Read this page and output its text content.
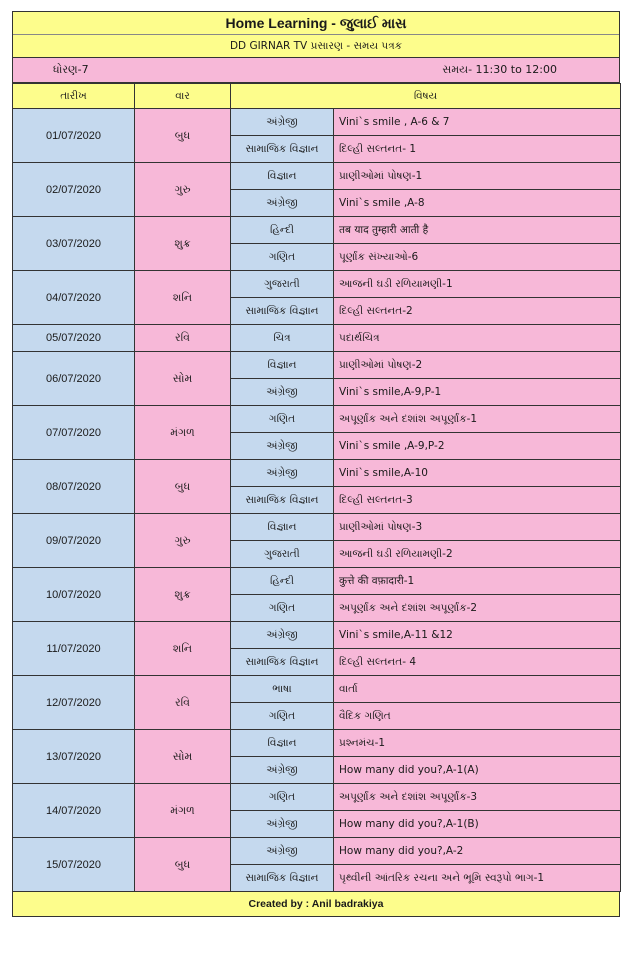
Home Learning - જુલાઈ માસ
DD GIRNAR TV પ્રસારણ - સમય પત્રક
ધોરણ-7	સમય- 11:30 to 12:00
તારીખ	વાર	વિષય	
01/07/2020	બુધ	અંગ્રેજી	Vini`s smile , A-6 & 7
		સામાજિક વિજ્ઞાન	દિલ્હી સલ્તનત- 1
02/07/2020	ગુરુ	વિજ્ઞાન	પ્રાણીઓમાં પોષણ-1
		અંગ્રેજી	Vini`s smile ,A-8
03/07/2020	શુક્ર	હિન્દી	तब याद तुम्हारी आती है
		ગણિત	પૂર્ણાંક સંખ્યાઓ-6
04/07/2020	શનિ	ગુજરાતી	આજની ઘડી રળિયામણી-1
		સામાજિક વિજ્ઞાન	દિલ્હી સલ્તનત-2
05/07/2020	રવિ	ચિત્ર	પદાર્થચિત્ર
06/07/2020	સોમ	વિજ્ઞાન	પ્રાણીઓમાં પોષણ-2
		અંગ્રેજી	Vini`s smile,A-9,P-1
07/07/2020	મંગળ	ગણિત	અપૂર્ણાંક અને દશાંશ અપૂર્ણાંક-1
		અંગ્રેજી	Vini`s smile ,A-9,P-2
08/07/2020	બુધ	અંગ્રેજી	Vini`s smile,A-10
		સામાજિક વિજ્ઞાન	દિલ્હી સલ્તનત-3
09/07/2020	ગુરુ	વિજ્ઞાન	પ્રાણીઓમાં પોષણ-3
		ગુજરાતી	આજની ઘડી રળિયામણી-2
10/07/2020	શુક્ર	હિન્દી	कुत्ते की वफ़ादारी-1
		ગણિત	અપૂર્ણાંક અને દશાંશ અપૂર્ણાંક-2
11/07/2020	શનિ	અંગ્રેજી	Vini`s smile,A-11 &12
		સામાજિક વિજ્ઞાન	દિલ્હી સલ્તનત- 4
12/07/2020	રવિ	ભાષા	વાર્તા
		ગણિત	વૈદિક ગણિત
13/07/2020	સોમ	વિજ્ઞાન	પ્રશ્નમંચ-1
		અંગ્રેજી	How many did you?,A-1(A)
14/07/2020	મંગળ	ગણિત	અપૂર્ણાંક અને દશાંશ અપૂર્ણાંક-3
		અંગ્રેજી	How many did you?,A-1(B)
15/07/2020	બુધ	અંગ્રેજી	How many did you?,A-2
		સામાજિક વિજ્ઞાન	પૃથ્વીની આંતરિક રચના અને ભૂમિ સ્વરૂપો ભાગ-1
Created by : Anil badrakiya
